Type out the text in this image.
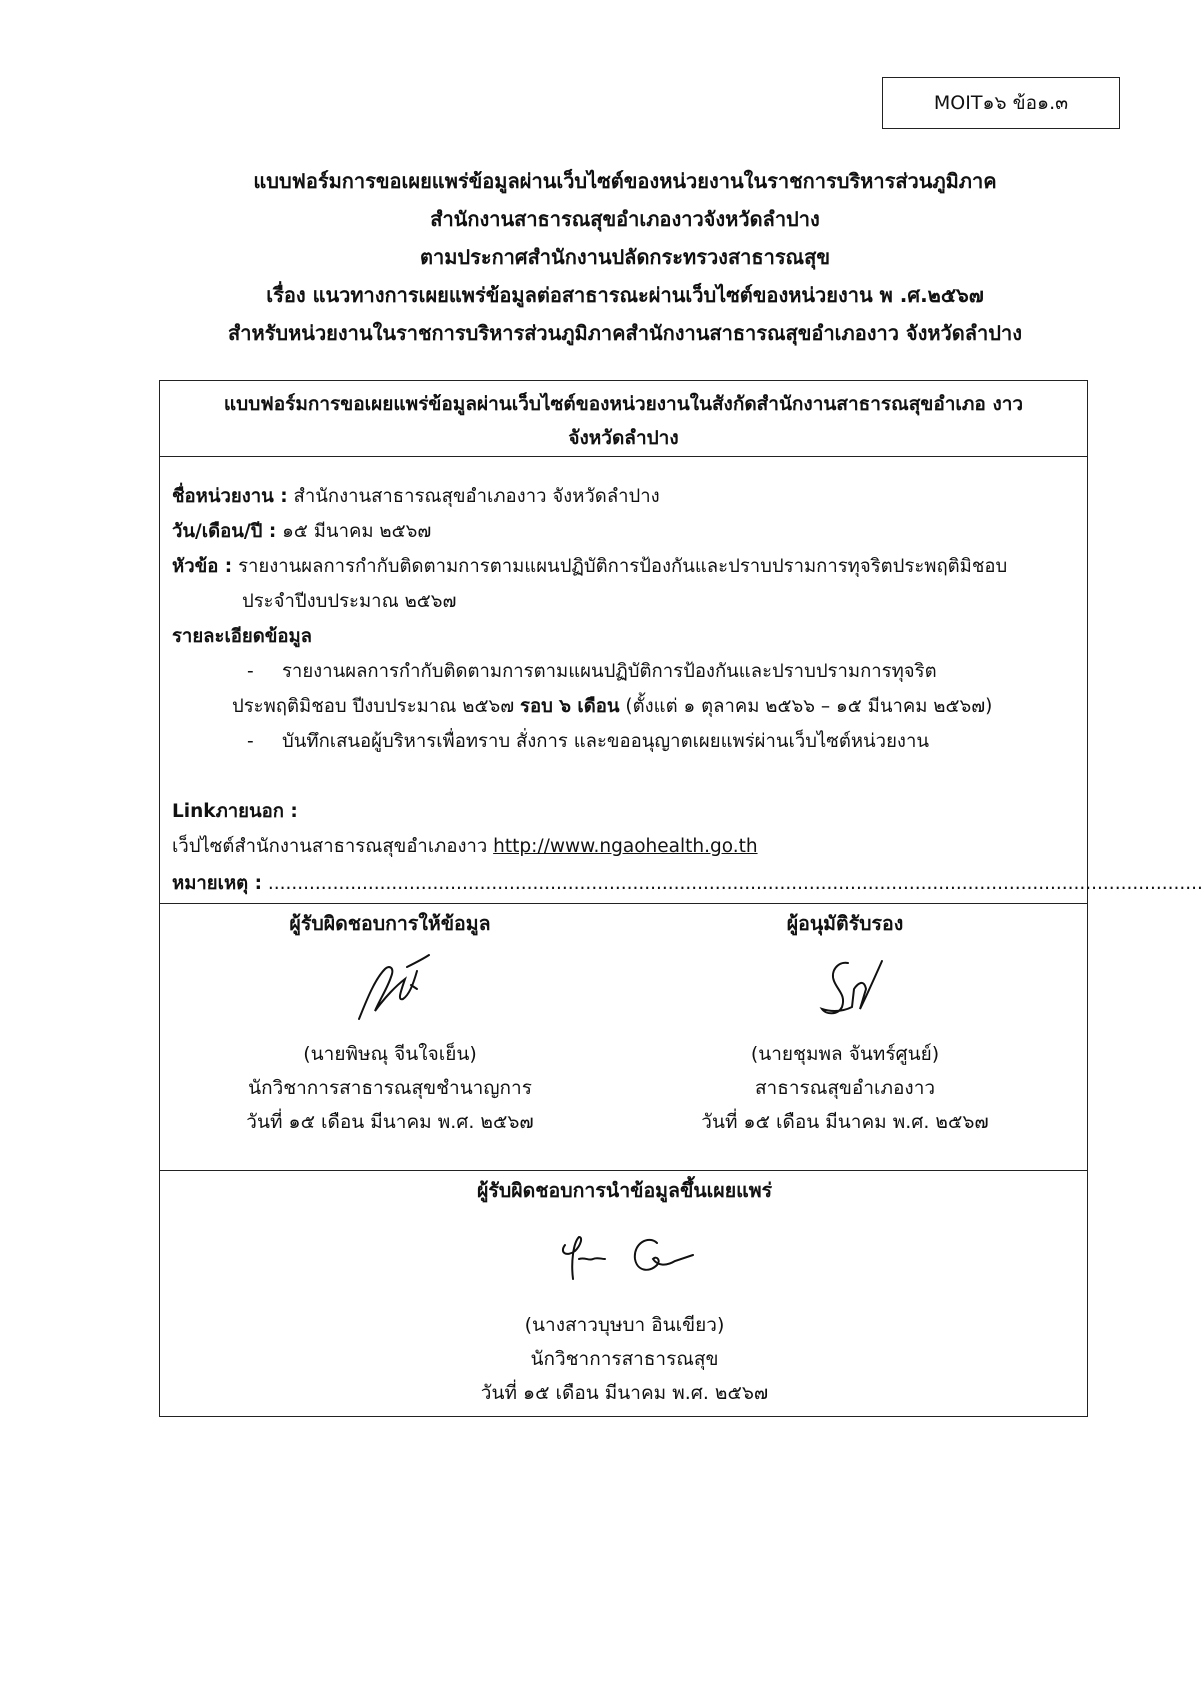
MOIT๑๖ ข้อ๑.๓
แบบฟอร์มการขอเผยแพร่ข้อมูลผ่านเว็บไซต์ของหน่วยงานในราชการบริหารส่วนภูมิภาค
สำนักงานสาธารณสุขอำเภองาวจังหวัดลำปาง
ตามประกาศสำนักงานปลัดกระทรวงสาธารณสุข
เรื่อง แนวทางการเผยแพร่ข้อมูลต่อสาธารณะผ่านเว็บไซต์ของหน่วยงาน พ .ศ.๒๕๖๗
สำหรับหน่วยงานในราชการบริหารส่วนภูมิภาคสำนักงานสาธารณสุขอำเภองาว จังหวัดลำปาง
แบบฟอร์มการขอเผยแพร่ข้อมูลผ่านเว็บไซต์ของหน่วยงานในสังกัดสำนักงานสาธารณสุขอำเภอ งาว
จังหวัดลำปาง
ชื่อหน่วยงาน : สำนักงานสาธารณสุขอำเภองาว จังหวัดลำปาง
วัน/เดือน/ปี : ๑๕ มีนาคม ๒๕๖๗
หัวข้อ : รายงานผลการกำกับติดตามการตามแผนปฏิบัติการป้องกันและปราบปรามการทุจริตประพฤติมิชอบ
ประจำปีงบประมาณ ๒๕๖๗
รายละเอียดข้อมูล
- รายงานผลการกำกับติดตามการตามแผนปฏิบัติการป้องกันและปราบปรามการทุจริต
ประพฤติมิชอบ ปีงบประมาณ ๒๕๖๗ รอบ ๖ เดือน (ตั้งแต่ ๑ ตุลาคม ๒๕๖๖ – ๑๕ มีนาคม ๒๕๖๗)
- บันทึกเสนอผู้บริหารเพื่อทราบ สั่งการ และขออนุญาตเผยแพร่ผ่านเว็บไซต์หน่วยงาน
Linkภายนอก :
เว็ปไซต์สำนักงานสาธารณสุขอำเภองาว http://www.ngaohealth.go.th
หมายเหตุ : ...............................................................................................................................................................
ผู้รับผิดชอบการให้ข้อมูล
(นายพิษณุ จีนใจเย็น)
นักวิชาการสาธารณสุขชำนาญการ
วันที่ ๑๕ เดือน มีนาคม พ.ศ. ๒๕๖๗
ผู้อนุมัติรับรอง
(นายชุมพล จันทร์ศูนย์)
สาธารณสุขอำเภองาว
วันที่ ๑๕ เดือน มีนาคม พ.ศ. ๒๕๖๗
ผู้รับผิดชอบการนำข้อมูลขึ้นเผยแพร่
(นางสาวบุษบา อินเขียว)
นักวิชาการสาธารณสุข
วันที่ ๑๕ เดือน มีนาคม พ.ศ. ๒๕๖๗
